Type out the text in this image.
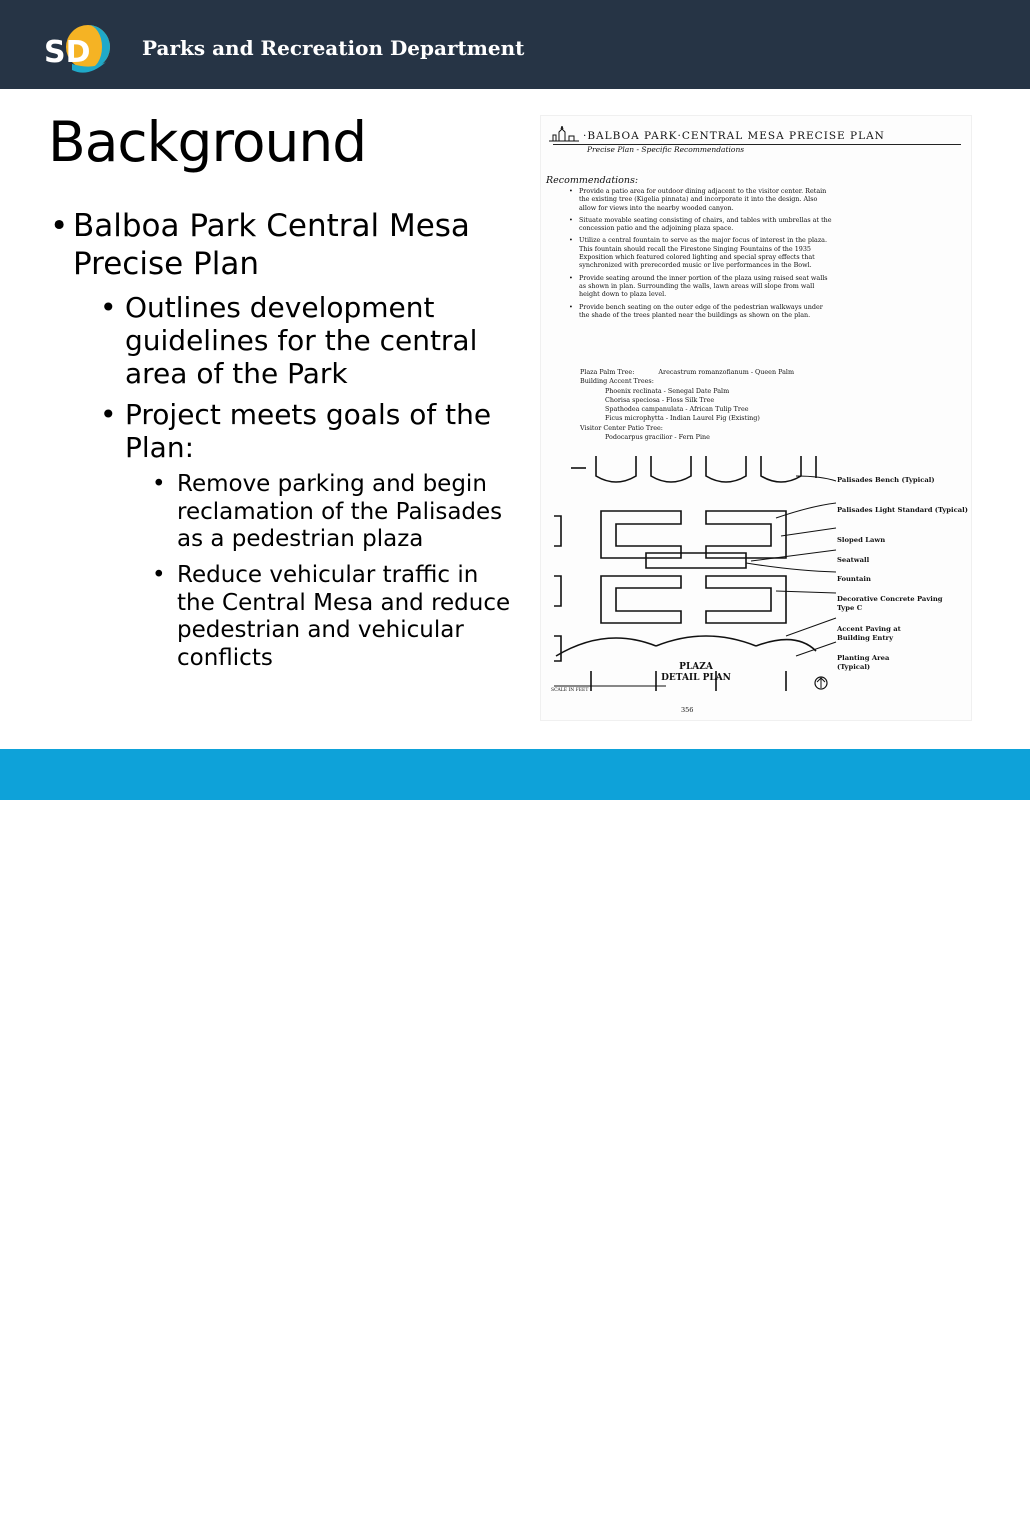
SD	Parks and Recreation Department
Background
• Balboa Park Central Mesa Precise Plan
• Outlines development guidelines for the central area of the Park
• Project meets goals of the Plan:
• Remove parking and begin reclamation of the Palisades as a pedestrian plaza
• Reduce vehicular traffic in the Central Mesa and reduce pedestrian and vehicular conflicts
·BALBOA PARK·CENTRAL MESA PRECISE PLAN
Precise Plan - Specific Recommendations
Recommendations:
• Provide a patio area for outdoor dining adjacent to the visitor center. Retain the existing tree (Kigelia pinnata) and incorporate it into the design. Also allow for views into the nearby wooded canyon.
• Situate movable seating consisting of chairs, and tables with umbrellas at the concession patio and the adjoining plaza space.
• Utilize a central fountain to serve as the major focus of interest in the plaza. This fountain should recall the Firestone Singing Fountains of the 1935 Exposition which featured colored lighting and special spray effects that synchronized with prerecorded music or live performances in the Bowl.
• Provide seating around the inner portion of the plaza using raised seat walls as shown in plan. Surrounding the walls, lawn areas will slope from wall height down to plaza level.
• Provide bench seating on the outer edge of the pedestrian walkways under the shade of the trees planted near the buildings as shown on the plan.
Plaza Palm Tree:	Arecastrum romanzofianum - Queen Palm
Building Accent Trees:
Phoenix reclinata - Senegal Date Palm
Chorisa speciosa - Floss Silk Tree
Spathodea campanulata - African Tulip Tree
Ficus microphytta - Indian Laurel Fig (Existing)
Visitor Center Patio Tree:
Podocarpus gracilior - Fern Pine
Palisades Bench (Typical)
Palisades Light Standard (Typical)
Sloped Lawn
Seatwall
Fountain
Decorative Concrete Paving Type C
Accent Paving at Building Entry
Planting Area (Typical)
PLAZA
DETAIL PLAN
SCALE IN FEET
356
5	sandiego.gov
